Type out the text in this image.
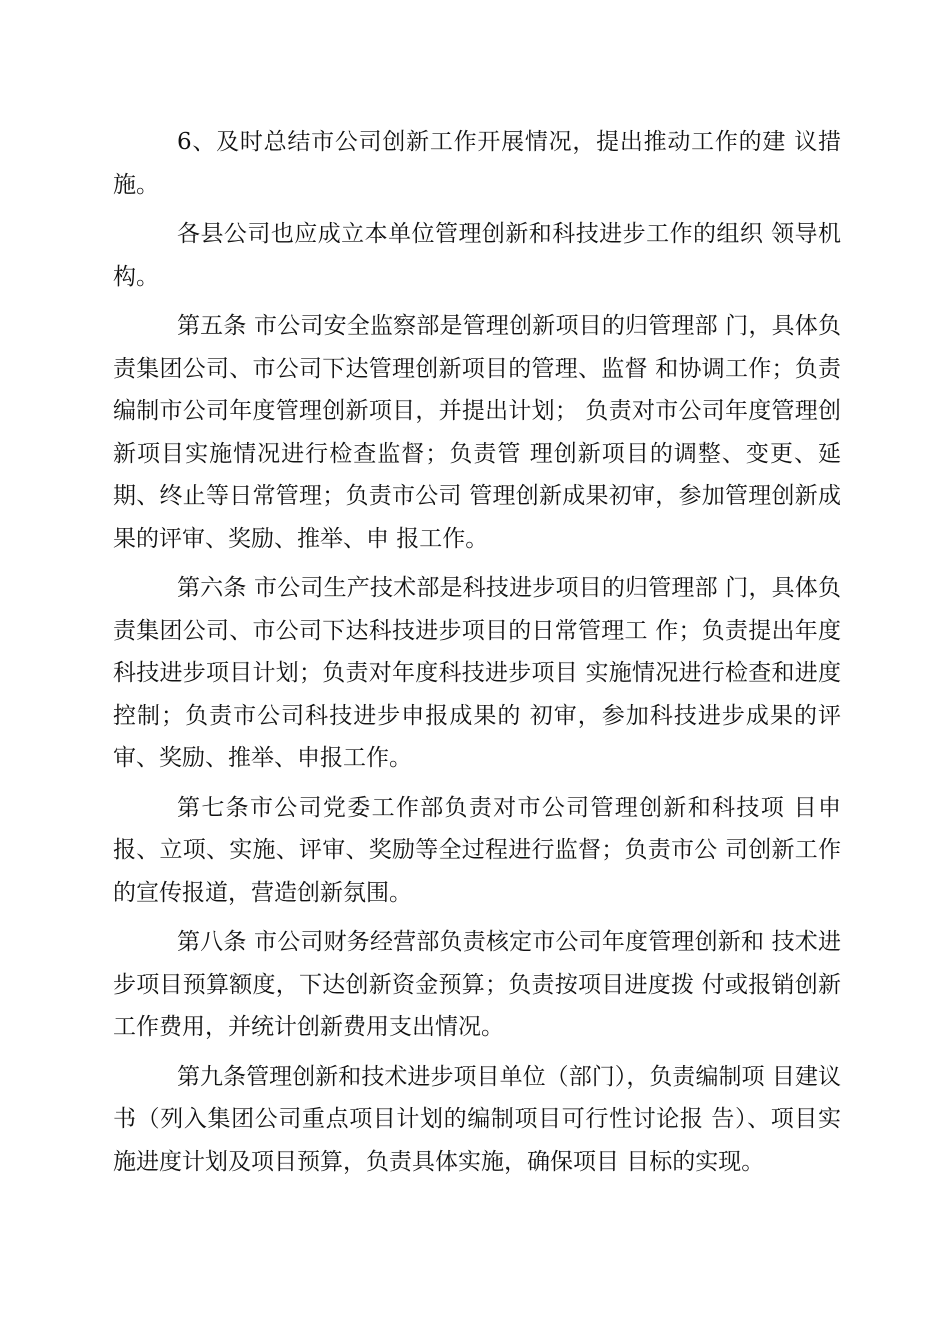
6、及时总结市公司创新工作开展情况，提出推动工作的建 议措施。

各县公司也应成立本单位管理创新和科技进步工作的组织 领导机构。

第五条 市公司安全监察部是管理创新项目的归管理部 门，具体负责集团公司、市公司下达管理创新项目的管理、监督 和协调工作；负责编制市公司年度管理创新项目，并提出计划； 负责对市公司年度管理创新项目实施情况进行检查监督；负责管 理创新项目的调整、变更、延期、终止等日常管理；负责市公司 管理创新成果初审，参加管理创新成果的评审、奖励、推举、申 报工作。

第六条 市公司生产技术部是科技进步项目的归管理部 门，具体负责集团公司、市公司下达科技进步项目的日常管理工 作；负责提出年度科技进步项目计划；负责对年度科技进步项目 实施情况进行检查和进度控制；负责市公司科技进步申报成果的 初审，参加科技进步成果的评审、奖励、推举、申报工作。

第七条市公司党委工作部负责对市公司管理创新和科技项 目申报、立项、实施、评审、奖励等全过程进行监督；负责市公 司创新工作的宣传报道，营造创新氛围。

第八条 市公司财务经营部负责核定市公司年度管理创新和 技术进步项目预算额度，下达创新资金预算；负责按项目进度拨 付或报销创新工作费用，并统计创新费用支出情况。

第九条管理创新和技术进步项目单位（部门），负责编制项 目建议书（列入集团公司重点项目计划的编制项目可行性讨论报 告）、项目实施进度计划及项目预算，负责具体实施，确保项目 目标的实现。
